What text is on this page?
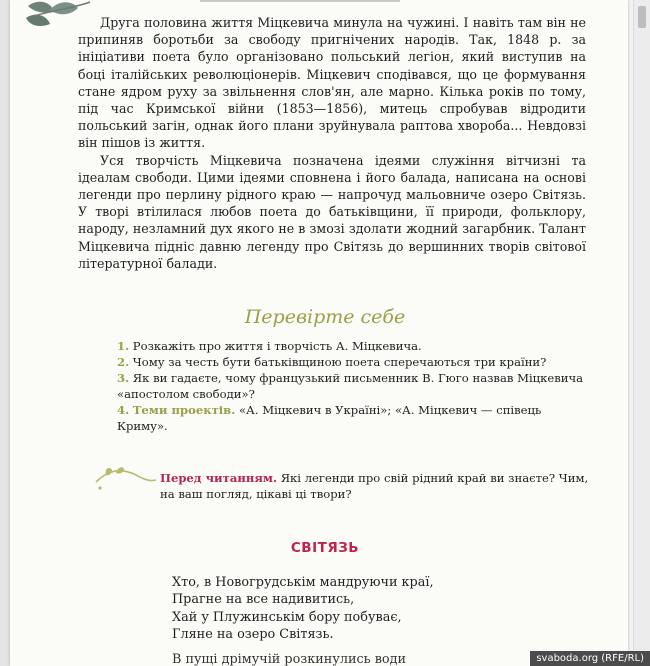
Друга половина життя Міцкевича минула на чужині. І навіть там він не припиняв боротьби за свободу пригнічених народів. Так, 1848 р. за ініціативи поета було організовано польський легіон, який виступив на боці італійських революціонерів. Міцкевич сподівався, що це формування стане ядром руху за звільнення слов'ян, але марно. Кілька років по тому, під час Кримської війни (1853—1856), митець спробував відродити польський загін, однак його плани зруйнувала раптова хвороба... Невдовзі він пішов із життя.

Уся творчість Міцкевича позначена ідеями служіння вітчизні та ідеалам свободи. Цими ідеями сповнена і його балада, написана на основі легенди про перлину рідного краю — напрочуд мальовниче озеро Світязь. У творі втілилася любов поета до батьківщини, її природи, фольклору, народу, незламний дух якого не в змозі здолати жодний загарбник. Талант Міцкевича підніс давню легенду про Світязь до вершинних творів світової літературної балади.

Перевірте себе
1. Розкажіть про життя і творчість А. Міцкевича.
2. Чому за честь бути батьківщиною поета сперечаються три країни?
3. Як ви гадаєте, чому французький письменник В. Гюго назвав Міцкевича «апостолом свободи»?
4. Теми проектів. «А. Міцкевич в Україні»; «А. Міцкевич — співець Криму».
Перед читанням. Які легенди про свій рідний край ви знаєте? Чим, на ваш погляд, цікаві ці твори?
СВІТЯЗЬ
Хто, в Новогрудськім мандруючи краї,
Прагне на все надивитись,
Хай у Плужинськім бору побуває,
Гляне на озеро Світязь.
В пущі дрімучій розкинулись води	svaboda.org (RFE/RL)
